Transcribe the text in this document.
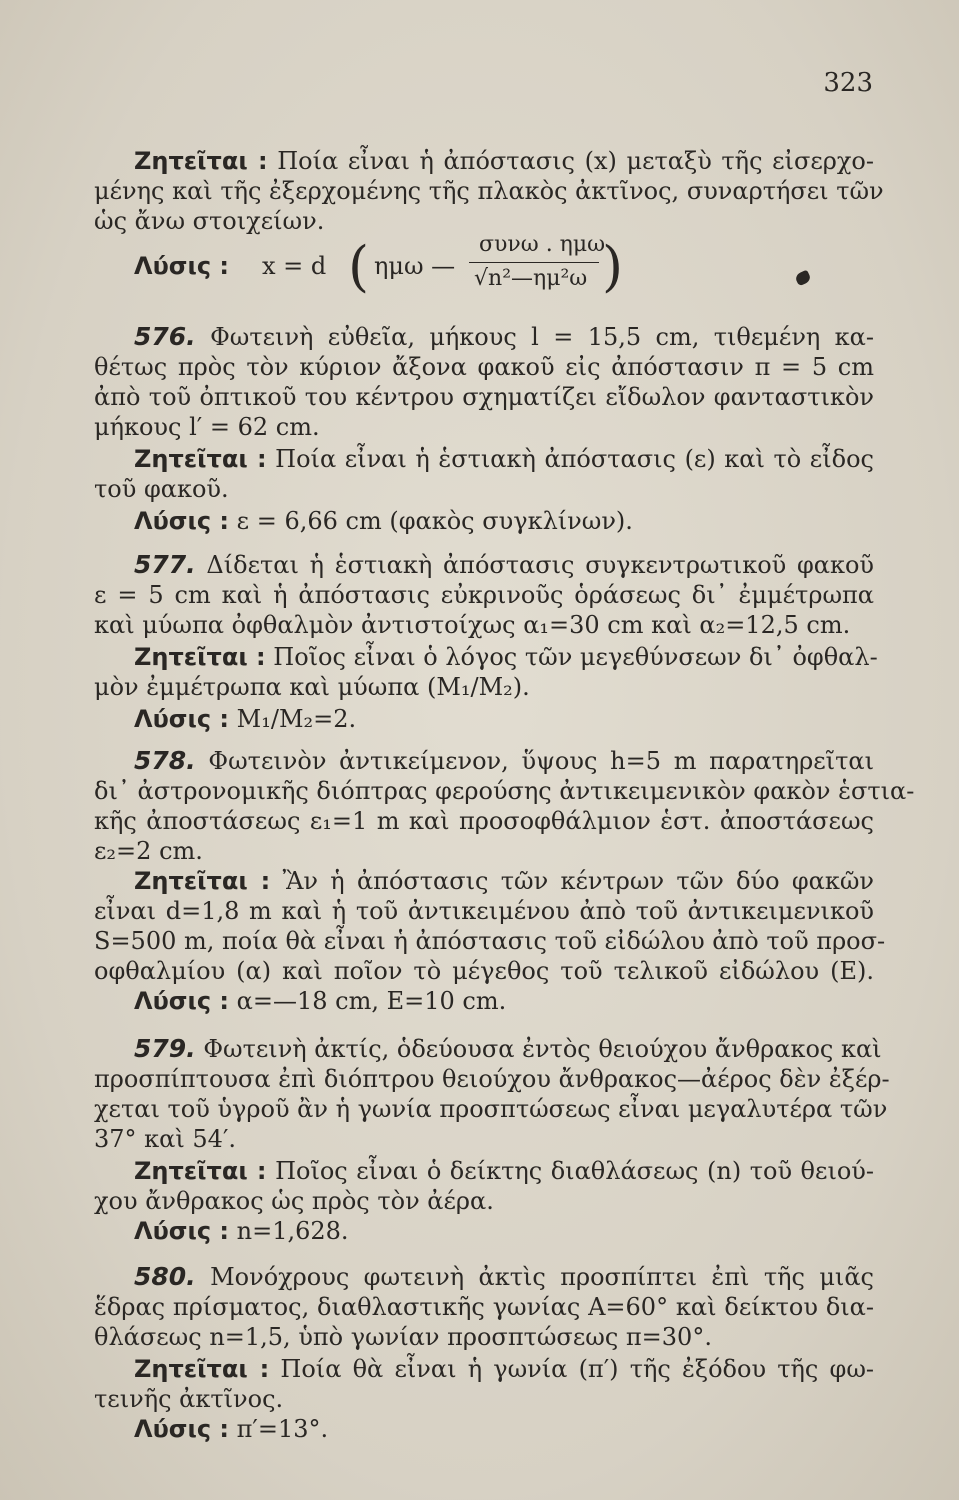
323
Ζητεῖται : Ποία εἶναι ἡ ἀπόστασις (x) μεταξὺ τῆς εἰσερχο-
μένης καὶ τῆς ἐξερχομένης τῆς πλακὸς ἀκτῖνος, συναρτήσει τῶν
ὡς ἄνω στοιχείων.
Λύσις : x = d ( ημω —
συνω . ημω
√n²—ημ²ω )
576. Φωτεινὴ εὐθεῖα, μήκους l = 15,5 cm, τιθεμένη κα-
θέτως πρὸς τὸν κύριον ἄξονα φακοῦ εἰς ἀπόστασιν π = 5 cm
ἀπὸ τοῦ ὀπτικοῦ του κέντρου σχηματίζει εἴδωλον φανταστικὸν
μήκους l′ = 62 cm.
Ζητεῖται : Ποία εἶναι ἡ ἑστιακὴ ἀπόστασις (ε) καὶ τὸ εἶδος
τοῦ φακοῦ.
Λύσις : ε = 6,66 cm (φακὸς συγκλίνων).
577. Δίδεται ἡ ἑστιακὴ ἀπόστασις συγκεντρωτικοῦ φακοῦ
ε = 5 cm καὶ ἡ ἀπόστασις εὐκρινοῦς ὁράσεως δι᾽ ἐμμέτρωπα
καὶ μύωπα ὀφθαλμὸν ἀντιστοίχως α₁=30 cm καὶ α₂=12,5 cm.
Ζητεῖται : Ποῖος εἶναι ὁ λόγος τῶν μεγεθύνσεων δι᾽ ὀφθαλ-
μὸν ἐμμέτρωπα καὶ μύωπα (M₁/M₂).
Λύσις : M₁/M₂=2.
578. Φωτεινὸν ἀντικείμενον, ὕψους h=5 m παρατηρεῖται
δι᾽ ἀστρονομικῆς διόπτρας φερούσης ἀντικειμενικὸν φακὸν ἑστια-
κῆς ἀποστάσεως ε₁=1 m καὶ προσοφθάλμιον ἑστ. ἀποστάσεως
ε₂=2 cm.
Ζητεῖται : Ἂν ἡ ἀπόστασις τῶν κέντρων τῶν δύο φακῶν
εἶναι d=1,8 m καὶ ἡ τοῦ ἀντικειμένου ἀπὸ τοῦ ἀντικειμενικοῦ
S=500 m, ποία θὰ εἶναι ἡ ἀπόστασις τοῦ εἰδώλου ἀπὸ τοῦ προσ-
οφθαλμίου (α) καὶ ποῖον τὸ μέγεθος τοῦ τελικοῦ εἰδώλου (E).
Λύσις : α=—18 cm, E=10 cm.
579. Φωτεινὴ ἀκτίς, ὁδεύουσα ἐντὸς θειούχου ἄνθρακος καὶ
προσπίπτουσα ἐπὶ διόπτρου θειούχου ἄνθρακος—ἀέρος δὲν ἐξέρ-
χεται τοῦ ὑγροῦ ἂν ἡ γωνία προσπτώσεως εἶναι μεγαλυτέρα τῶν
37° καὶ 54′.
Ζητεῖται : Ποῖος εἶναι ὁ δείκτης διαθλάσεως (n) τοῦ θειού-
χου ἄνθρακος ὡς πρὸς τὸν ἀέρα.
Λύσις : n=1,628.
580. Μονόχρους φωτεινὴ ἀκτὶς προσπίπτει ἐπὶ τῆς μιᾶς
ἕδρας πρίσματος, διαθλαστικῆς γωνίας A=60° καὶ δείκτου δια-
θλάσεως n=1,5, ὑπὸ γωνίαν προσπτώσεως π=30°.
Ζητεῖται : Ποία θὰ εἶναι ἡ γωνία (π′) τῆς ἐξόδου τῆς φω-
τεινῆς ἀκτῖνος.
Λύσις : π′=13°.
